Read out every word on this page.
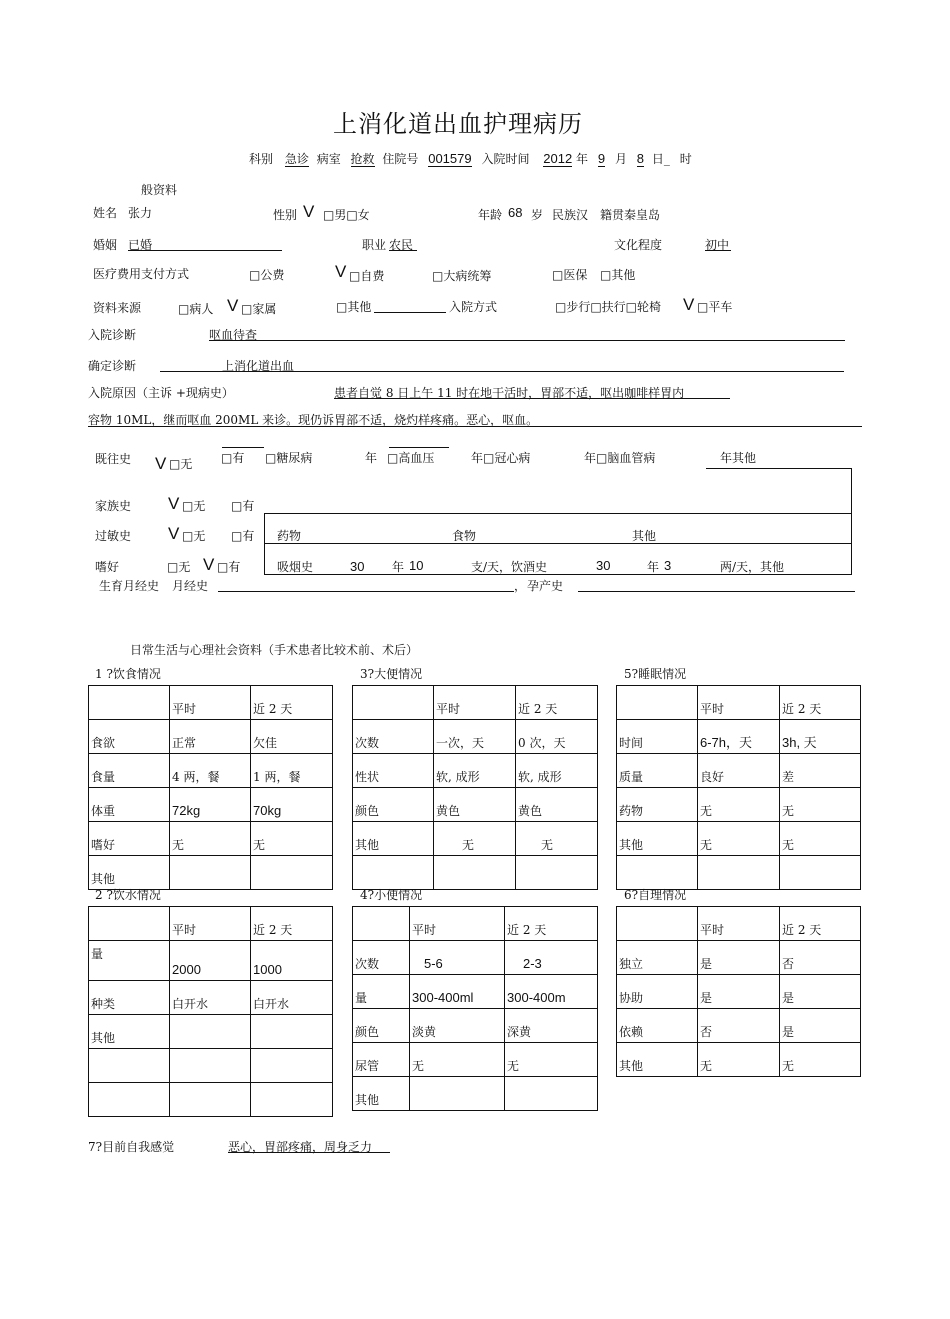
上消化道出血护理病历
科别 急诊 病室 抢救 住院号 001579 入院时间 2012 年 9 月 8 日_ 时
般资料
姓名 张力	性别 V □男□女	年龄 68 岁 民族汉 籍贯秦皇岛
婚姻 已婚	职业 农民	文化程度	初中
医疗费用支付方式	□公费	V □自费	□大病统筹	□医保 □其他
资料来源	□病人 V □家属	□其他	入院方式	□步行□扶行□轮椅 V □平车
入院诊断	呕血待查
确定诊断	上消化道出血
入院原因（主诉 +现病史）	患者自觉 8 日上午 11 时在地干活时，胃部不适，呕出咖啡样胃内
容物 10ML，继而呕血 200ML 来诊。现仍诉胃部不适，烧灼样疼痛。恶心，呕血。
既往史 V □无 □有 □糖尿病	年 □高血压	年□冠心病	年□脑血管病	年其他
家族史 V □无 □有
过敏史 V □无 □有 药物	食物	其他
嗜好	□无 V □有	吸烟史	30 年 10	支/天，饮酒史	30	年 3	两/天，其他
生育月经史 月经史	， 孕产史
日常生活与心理社会资料（手术患者比较术前、术后）
1 ?饮食情况	3?大便情况	5?睡眠情况
	平时	近 2 天
食欲	正常	欠佳
食量	4 两，餐	1 两，餐
体重	72kg	70kg
嗜好	无	无
其他		
	平时	近 2 天
次数	一次，天	0 次，天
性状	软, 成形	软, 成形
颜色	黄色	黄色
其他	无	无

	平时	近 2 天
时间	6-7h，天	3h, 天
质量	良好	差
药物	无	无
其他	无	无

2 ?饮水情况	4?小便情况	6?自理情况
	平时	近 2 天
量	2000	1000
种类	白开水	白开水
其他		

	平时	近 2 天
次数	5-6	2-3
量	300-400ml	300-400m
颜色	淡黄	深黄
尿管	无	无
其他		
	平时	近 2 天
独立	是	否
协助	是	是
依赖	否	是
其他	无	无
7?目前自我感觉	恶心，胃部疼痛，周身乏力
